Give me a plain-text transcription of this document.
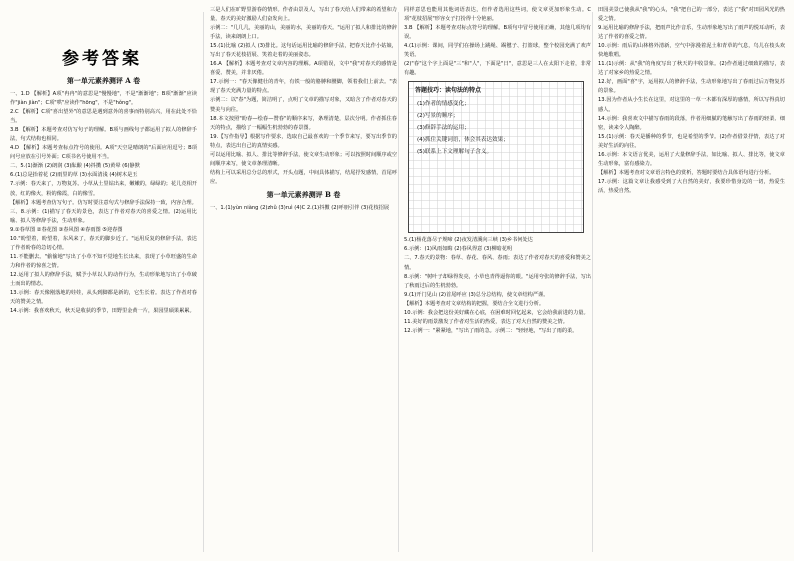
参考答案
第一单元素养测评 A 卷

一、1.D 【解析】A项"冉冉"的意思是"慢慢地"，不是"渐渐地"；B项"渐渐"应读作"jiàn jiàn"；C项"哄"应读作"hōng"，不是"hǒng"。

2.C 【解析】C项"喜出望外"的意思是遇到意外的喜事而特别高兴，用在此处不恰当。

3.B 【解析】本题考查对仿写句子的理解。B项与画线句子都运用了拟人的修辞手法，句式结构也相同。

4.D 【解析】本题考查标点符号的使用。A项"天空是晴朗的"后面应用逗号；B项问号应放在引号外面；C项书名号使用不当。

二、5.(1)渐渐 (2)朗润 (3)酝酿 (4)抖擞 (5)黄晕 (6)静默

6.(1)总是抬着花 (2)雨里的草 (3)水面清浅 (4)树木是玉

7.示例：春天来了，万物复苏。小草从土里钻出来，嫩嫩的，绿绿的；花儿竞相开放，红的像火，粉的像霞，白的像雪。

【解析】本题考查仿写句子。仿写时要注意句式与修辞手法保持一致，内容合理。

三、8.示例：(1)描写了春天的景色，表达了作者对春天的喜爱之情。(2)运用比喻、拟人等修辞手法，生动形象。

9.①春草图 ②春花图 ③春风图 ④春雨图 ⑤迎春图

10."盼望着，盼望着，东风来了，春天的脚步近了。"运用反复的修辞手法，表达了作者盼春的急切心情。

11.不能删去。"偷偷地"写出了小草不知不觉地生长出来，表现了小草旺盛的生命力和作者的惊喜之情。

12.运用了拟人的修辞手法，赋予小草以人的动作行为，生动形象地写出了小草破土而出的情态。

13.示例：春天像刚落地的娃娃，从头到脚都是新的，它生长着。表达了作者对春天的赞美之情。

14.示例：我喜欢秋天，秋天是收获的季节，田野里金黄一片，果园里硕果累累。

三是人们在旷野里游春的情形。作者由景及人，写出了春天给人们带来的希望和力量，春天的美好激励人们奋发向上。

示例二："几几几，美丽的山，美丽的水，美丽的春天。"运用了拟人和排比的修辞手法，读来朗朗上口。

15.(1)比喻 (2)拟人 (3)排比。这句话运用比喻的修辞手法，把春天比作小姑娘，写出了春天花枝招展、笑着走着的美丽姿态。

16.A 【解析】本题考查对文章内容的理解。A项错误，文中"我"对春天的感情是喜爱、赞美，并非厌倦。

17.示例一："春天像健壮的青年，有铁一般的胳膊和腰脚，领着我们上前去。"表现了春天充满力量的特点。

示例二：以"春"为题，简洁明了，点明了文章的描写对象，又暗含了作者对春天的赞美与向往。

18.本文按照"盼春—绘春—赞春"的顺序来写，条理清楚，层次分明。作者抓住春天的特点，描绘了一幅幅生机勃勃的春景图。

19.【写作指导】根据写作要求，选取自己最喜欢的一个季节来写，要写出季节的特点，表达出自己的真情实感。

可以运用比喻、拟人、排比等修辞手法，使文章生动形象；可以按照时间顺序或空间顺序来写，使文章条理清晰。

结构上可以采用总分总的形式，开头点题，中间具体描写，结尾抒发感情，首尾呼应。

第一单元素养测评 B 卷

一、1.(1)yùn niàng (2)zhǔ (3)ruì (4)C 2.(1)抖擞 (2)呼朋引伴 (3)花枝招展

同样意思也能用其他词语表达，但作者选用这些词，使文章更加形象生动。C项"花枝招展"形容女子打扮得十分艳丽。

3.B 【解析】本题考查对标点符号的理解。B项句中冒号使用正确，其他几项均有误。

4.(1)示例：课间，同学们在操场上跳绳、踢毽子、打篮球，整个校园充满了欢声笑语。

(2)"春"这个字上面是"三"和"人"，下面是"日"，意思是三人在太阳下走着，非常有趣。

答题技巧：读句法的特点
(1)作者的情感变化；
(2)写景的顺序；
(3)修辞手法的运用；
(4)抓住关键词语，体会其表达效果；
(5)联系上下文理解句子含义。

5.(1)杨花落尽子规啼 (2)夜发清溪向三峡 (3)乡书何处达

6.示例：(1)风雨如晦 (2)春风得意 (3)柳暗花明

二、7.春天的景物：春草、春花、春风、春雨；表达了作者对春天的喜爱和赞美之情。

8.示例："树叶子却绿得发亮，小草也青得逼你的眼。"运用夸张的修辞手法，写出了秋雨过后的生机勃勃。

9.(1)开门见山 (2)首尾呼应 (3)总分总结构，使文章结构严谨。

【解析】本题考查对文章结构的把握，要结合全文进行分析。

10.示例：我会把这份美好藏在心底，在困难时回忆起来，它会给我前进的力量。

11.美好的雨景激发了作者对生活的热爱，表达了对大自然的赞美之情。

12.示例一："紧紧地，"写出了雨的急。示例二："轻轻地，"写出了雨的柔。

田园美景已使我从"我"的心头，"我"把自己的一部分，表达了"我"对田园风光的热爱之情。

9.运用比喻的修辞手法，把雨声比作音乐，生动形象地写出了雨声的悦耳动听，表达了作者的喜爱之情。

10.示例：雨后的山林格外清新，空气中弥漫着泥土和青草的气息，鸟儿在枝头欢快地歌唱。

11.(1)示例：从"我"的角度写出了秋天的丰收景象。(2)作者通过细致的描写，表达了对家乡的热爱之情。

12.好，画面"喜"字，运用拟人的修辞手法，生动形象地写出了春雨过后万物复苏的景象。

13.因为作者从小生长在这里，对这里的一草一木都有深厚的感情，所以写得真切感人。

14.示例：我喜欢文中描写春雨的段落，作者用细腻的笔触写出了春雨的轻柔、细密，读来令人陶醉。

15.(1)示例：春天是播种的季节，也是希望的季节。(2)作者借景抒情，表达了对美好生活的向往。

16.示例：本文语言优美，运用了大量修辞手法，如比喻、拟人、排比等，使文章生动形象，富有感染力。

【解析】本题考查对文章语言特色的赏析，答题时要结合具体语句进行分析。

17.示例：这篇文章让我感受到了大自然的美好，我要珍惜身边的一切，热爱生活，热爱自然。
